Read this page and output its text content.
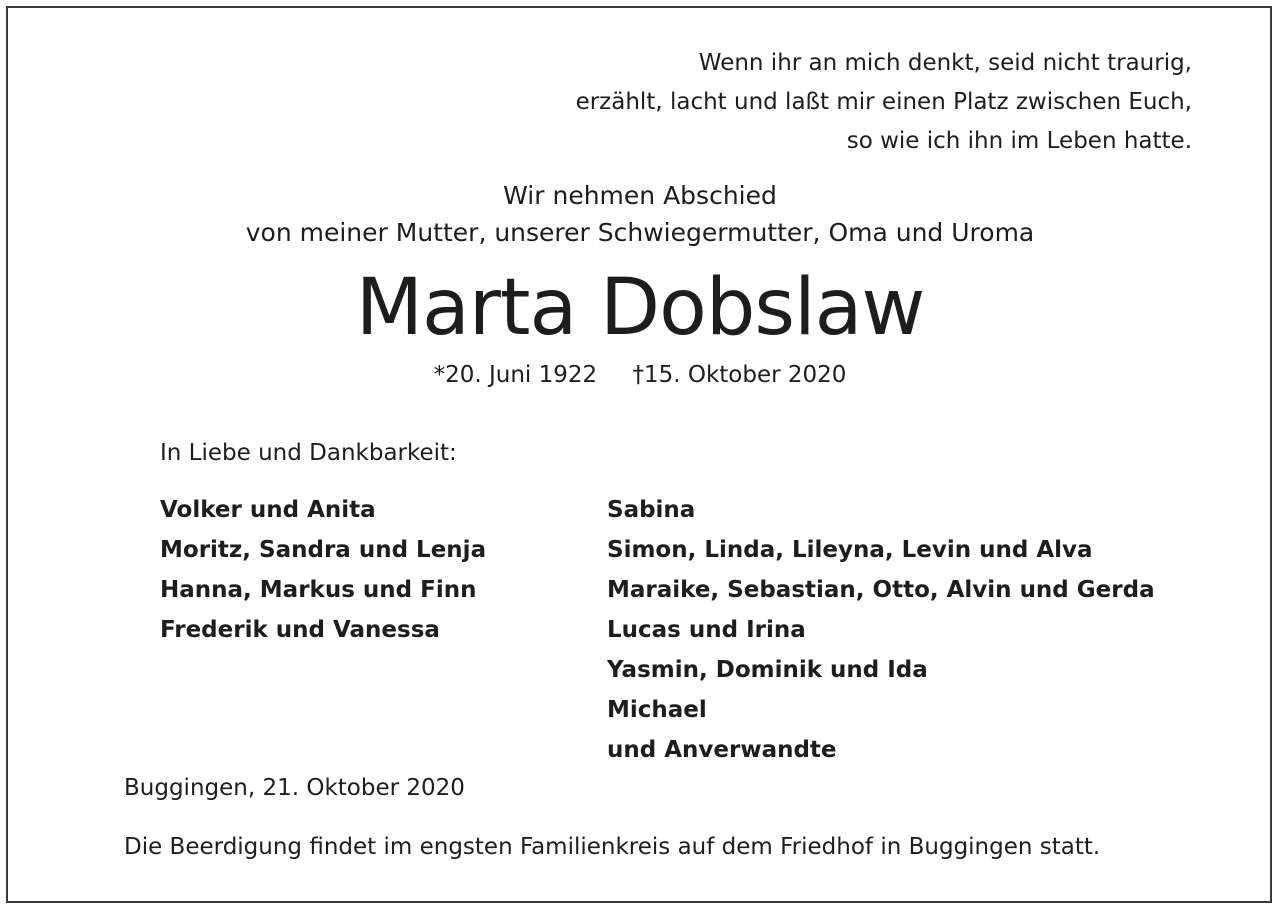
Wenn ihr an mich denkt, seid nicht traurig,
erzählt, lacht und laßt mir einen Platz zwischen Euch,
so wie ich ihn im Leben hatte.
Wir nehmen Abschied
von meiner Mutter, unserer Schwiegermutter, Oma und Uroma
Marta Dobslaw
*20. Juni 1922 †15. Oktober 2020
In Liebe und Dankbarkeit:
Volker und Anita
Moritz, Sandra und Lenja
Hanna, Markus und Finn
Frederik und Vanessa
Sabina
Simon, Linda, Lileyna, Levin und Alva
Maraike, Sebastian, Otto, Alvin und Gerda
Lucas und Irina
Yasmin, Dominik und Ida
Michael
und Anverwandte
Buggingen, 21. Oktober 2020
Die Beerdigung findet im engsten Familienkreis auf dem Friedhof in Buggingen statt.
